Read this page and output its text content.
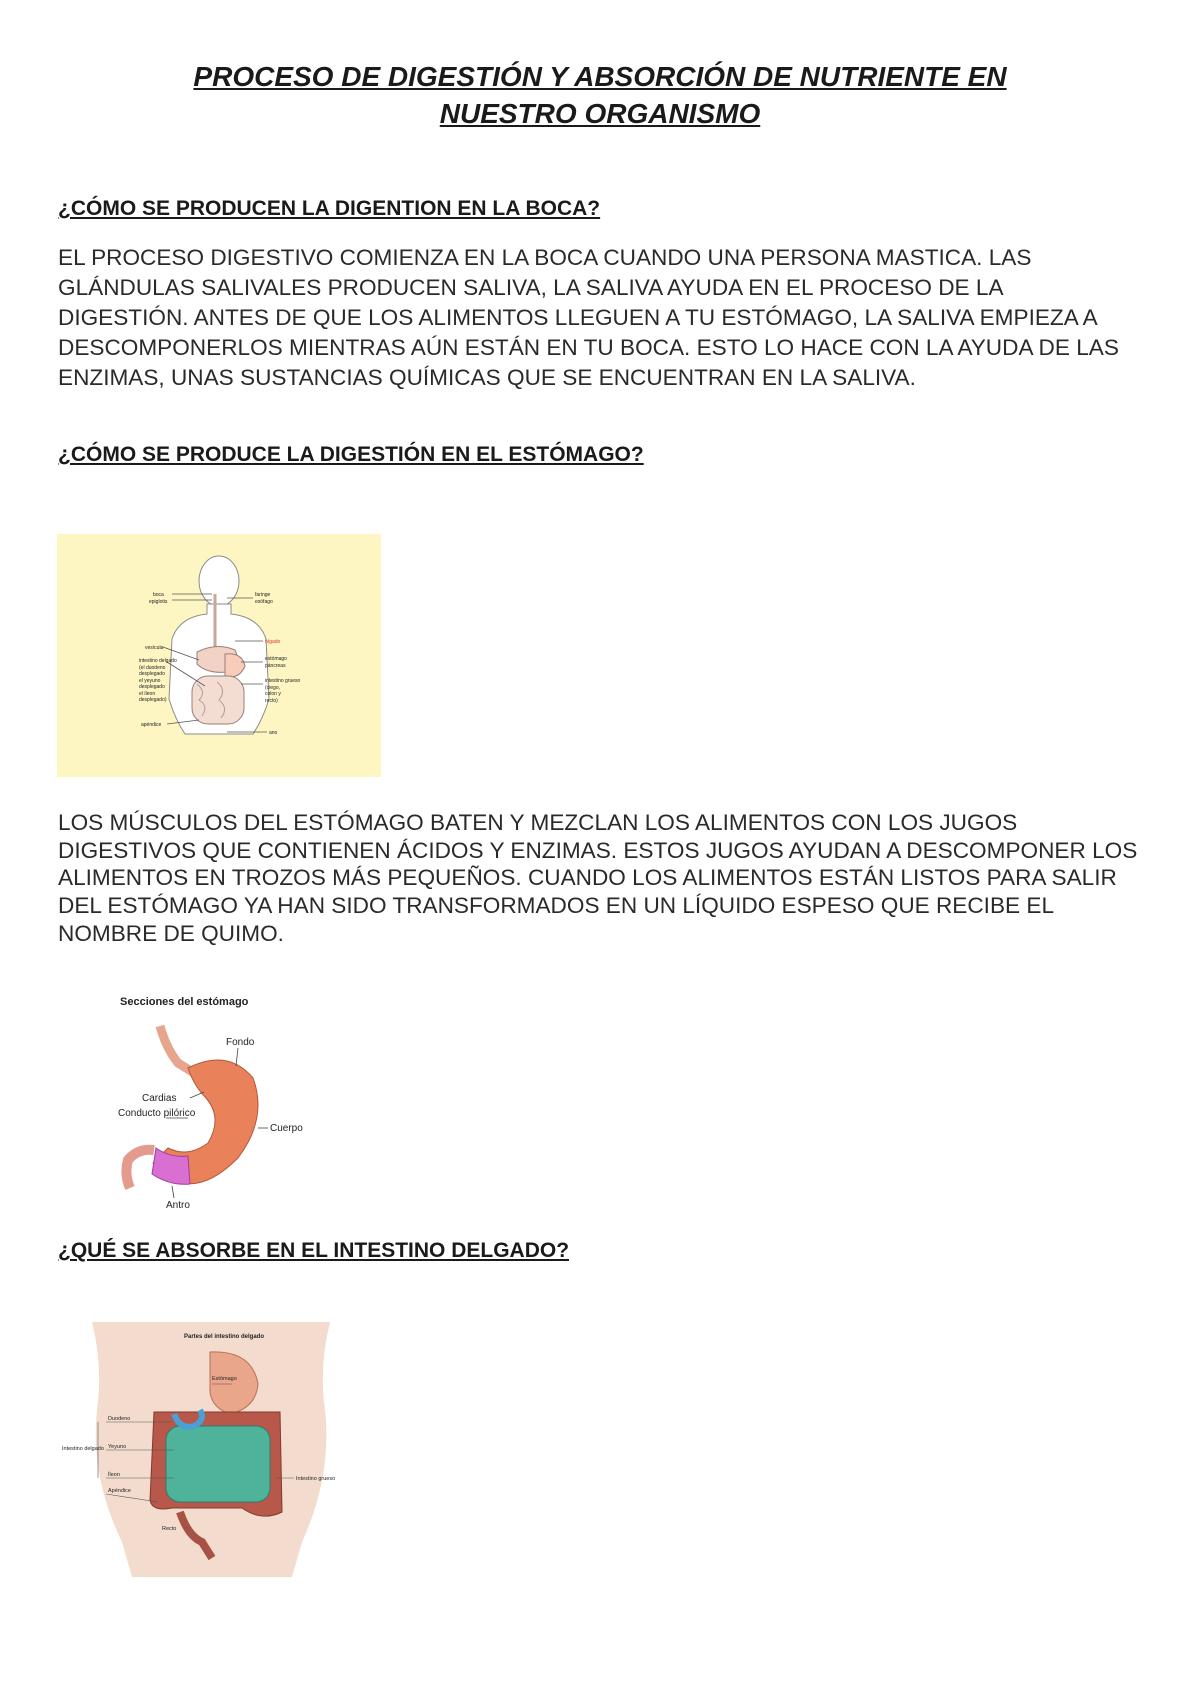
PROCESO DE DIGESTIÓN Y ABSORCIÓN DE NUTRIENTE EN
NUESTRO ORGANISMO
¿CÓMO SE PRODUCEN LA DIGENTION EN LA BOCA?
EL PROCESO DIGESTIVO COMIENZA EN LA BOCA CUANDO UNA PERSONA MASTICA. LAS GLÁNDULAS SALIVALES PRODUCEN SALIVA, LA SALIVA AYUDA EN EL PROCESO DE LA DIGESTIÓN. ANTES DE QUE LOS ALIMENTOS LLEGUEN A TU ESTÓMAGO, LA SALIVA EMPIEZA A DESCOMPONERLOS MIENTRAS AÚN ESTÁN EN TU BOCA. ESTO LO HACE CON LA AYUDA DE LAS ENZIMAS, UNAS SUSTANCIAS QUÍMICAS QUE SE ENCUENTRAN EN LA SALIVA.
¿CÓMO SE PRODUCE LA DIGESTIÓN EN EL ESTÓMAGO?
boca
epiglotis
vesícula
intestino delgado
(el duodeno
desplegado
el yeyuno
desplegado
el íleon
desplegado)
apéndice
faringe
esófago
hígado
estómago
páncreas
intestino grueso
(ciego,
colon y
recto)
ano
LOS MÚSCULOS DEL ESTÓMAGO BATEN Y MEZCLAN LOS ALIMENTOS CON LOS JUGOS DIGESTIVOS QUE CONTIENEN ÁCIDOS Y ENZIMAS. ESTOS JUGOS AYUDAN A DESCOMPONER LOS ALIMENTOS EN TROZOS MÁS PEQUEÑOS. CUANDO LOS ALIMENTOS ESTÁN LISTOS PARA SALIR DEL ESTÓMAGO YA HAN SIDO TRANSFORMADOS EN UN LÍQUIDO ESPESO QUE RECIBE EL NOMBRE DE QUIMO.
Secciones del estómago
Fondo
Cardias
Conducto pilórico
Cuerpo
Antro
¿QUÉ SE ABSORBE EN EL INTESTINO DELGADO?
Partes del intestino delgado
Estómago
Duodeno
Intestino delgado Yeyuno
Íleon
Apéndice
Recto
Intestino grueso
